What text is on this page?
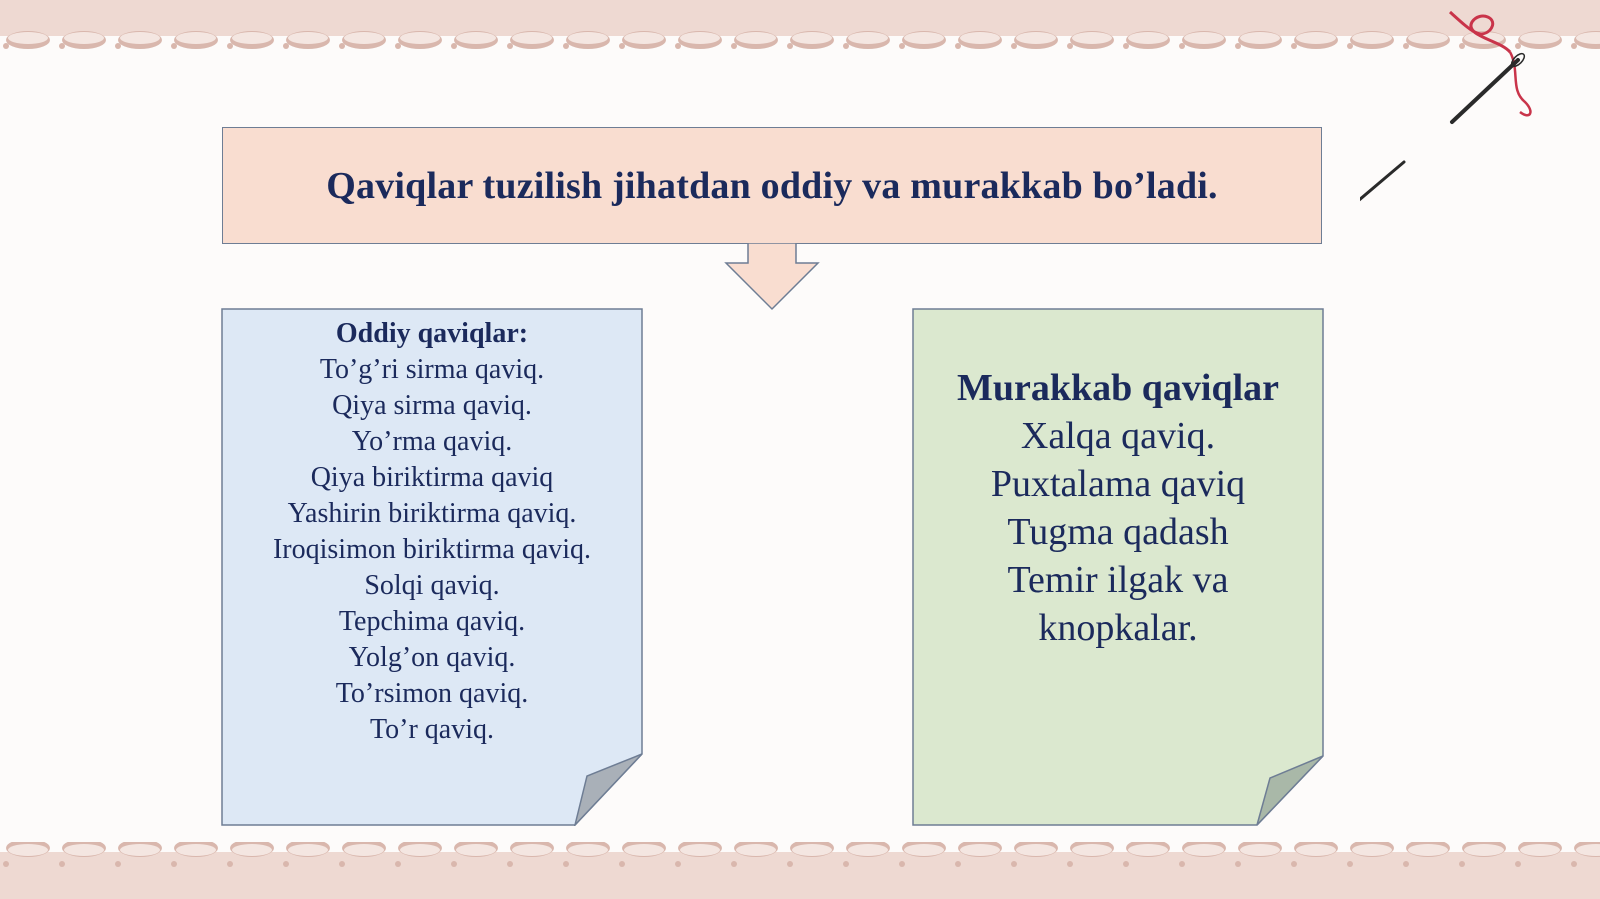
Qaviqlar tuzilish jihatdan oddiy va murakkab bo’ladi.
Oddiy qaviqlar:
To’g’ri sirma qaviq.
Qiya sirma qaviq.
Yo’rma qaviq.
Qiya biriktirma qaviq
Yashirin biriktirma qaviq.
Iroqisimon biriktirma qaviq.
Solqi qaviq.
Tepchima qaviq.
Yolg’on qaviq.
To’rsimon qaviq.
To’r qaviq.
Murakkab qaviqlar
Xalqa qaviq.
Puxtalama qaviq
Tugma qadash
Temir ilgak va
knopkalar.
